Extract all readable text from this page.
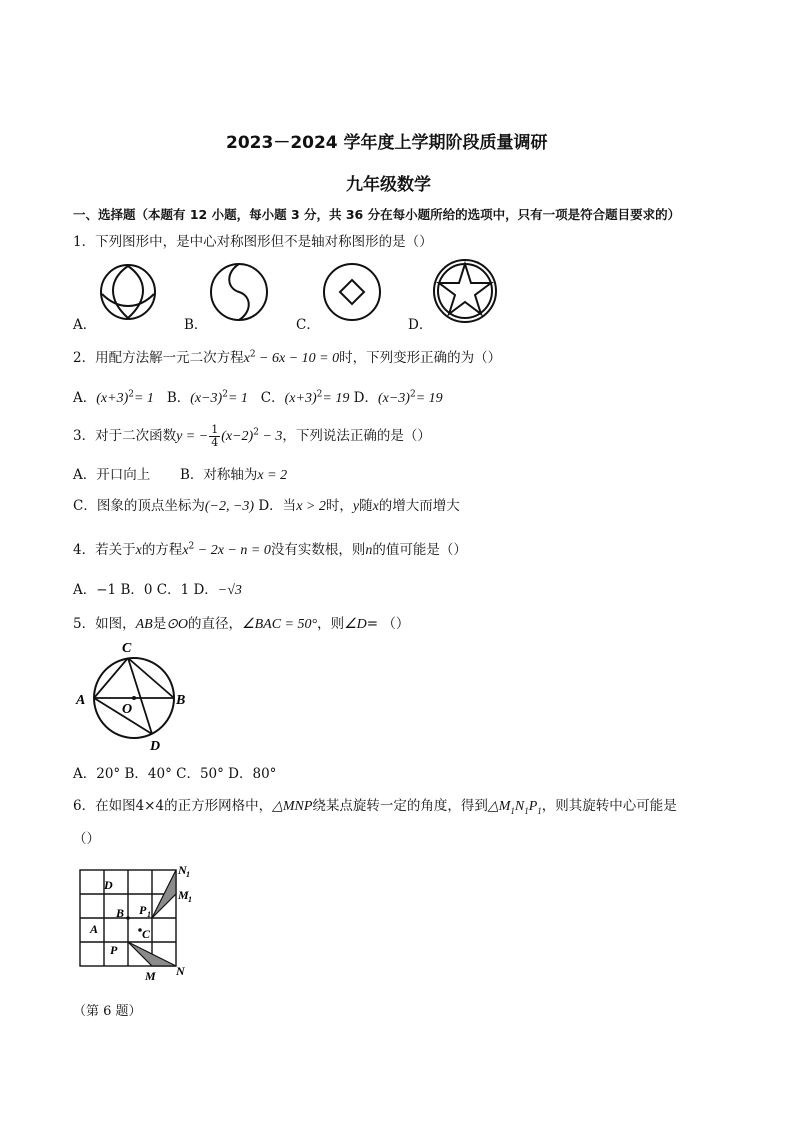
2023－2024 学年度上学期阶段质量调研
九年级数学
一、选择题（本题有 12 小题，每小题 3 分，共 36 分在每小题所给的选项中，只有一项是符合题目要求的）
1．下列图形中，是中心对称图形但不是轴对称图形的是（）
A．	B．	C．	D．
2．用配方法解一元二次方程$x^2 - 6x - 10 = 0$时，下列变形正确的为（）
A．$(x+3)^2= 1$ B．$(x-3)^2= 1$ C．$(x+3)^2= 19$ D．$(x-3)^2= 19$
3．对于二次函数y = − $\frac{1}{4} (x-2)^2 - 3$，下列说法正确的是（）
A．开口向上 B．对称轴为x = 2
C．图象的顶点坐标为(−2, −3) D．当x > 2时，y随x的增大而增大
4．若关于x的方程$x^2 - 2x - n = 0$没有实数根，则n的值可能是（）
A．−1 B．0 C．1 D．−√3
5．如图，AB是⊙O的直径，∠BAC = 50°，则∠D= （）
C
A	B
O
D
A．20° B．40° C．50° D．80°
6．在如图4×4的正方形网格中，△MNP绕某点旋转一定的角度，得到$\triangle M_1N_1P_1$，则其旋转中心可能是
（）
D
B
A	C
P
M N
N 1
M 1
P 1
（第 6 题）
